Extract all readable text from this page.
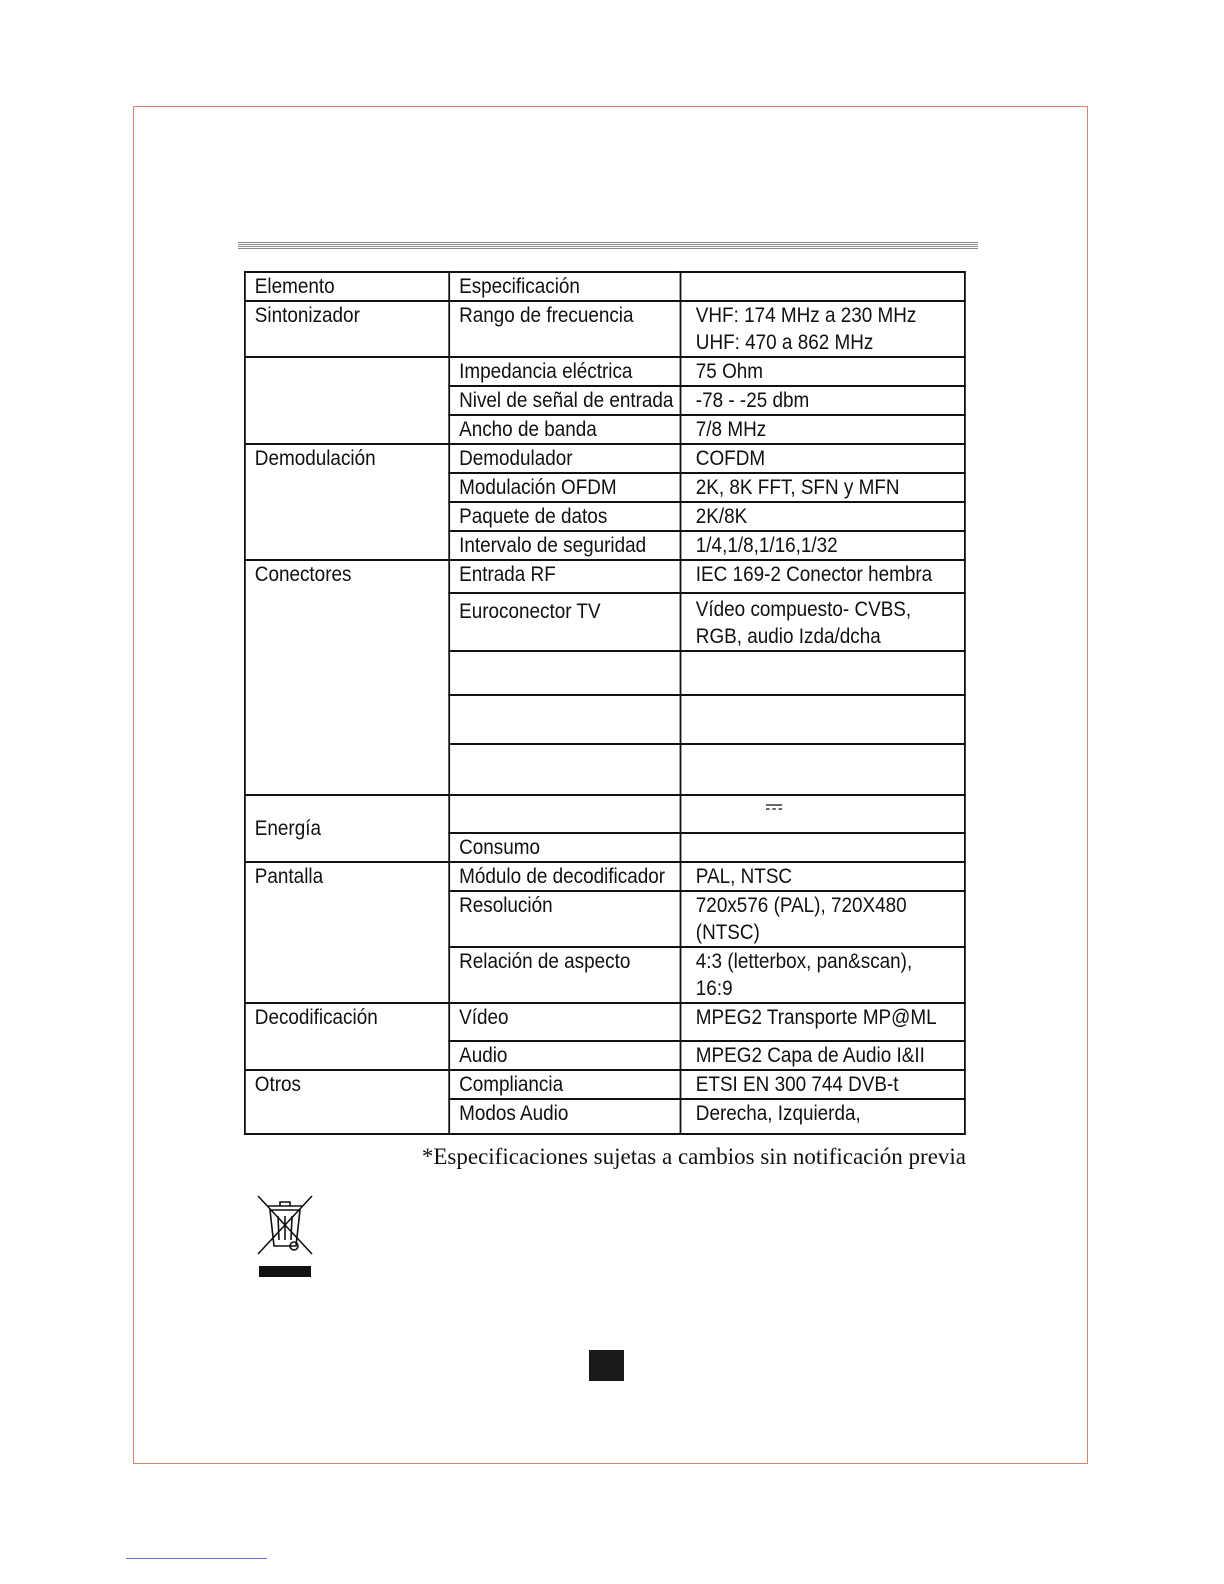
Elemento	Especificación	
Sintonizador	Rango de frecuencia	VHF: 174 MHz a 230 MHz
UHF: 470 a 862 MHz

	Impedancia eléctrica	75 Ohm
	Nivel de señal de entrada	-78 - -25 dbm
	Ancho de banda	7/8 MHz
Demodulación	Demodulador	COFDM
	Modulación OFDM	2K, 8K FFT, SFN y MFN
	Paquete de datos	2K/8K
	Intervalo de seguridad	1/4,1/8,1/16,1/32
Conectores	Entrada RF	IEC 169-2 Conector hembra
	Euroconector TV	Vídeo compuesto- CVBS,
RGB, audio Izda/dcha

Energía		
	Consumo	
Pantalla	Módulo de decodificador	PAL, NTSC
	Resolución	720x576 (PAL), 720X480
(NTSC)

	Relación de aspecto	4:3 (letterbox, pan&scan),
16:9

Decodificación	Vídeo	MPEG2 Transporte MP@ML
	Audio	MPEG2 Capa de Audio I&II
Otros	Compliancia	ETSI EN 300 744 DVB-t
	Modos Audio	Derecha, Izquierda,
*Especificaciones sujetas a cambios sin notificación previa
